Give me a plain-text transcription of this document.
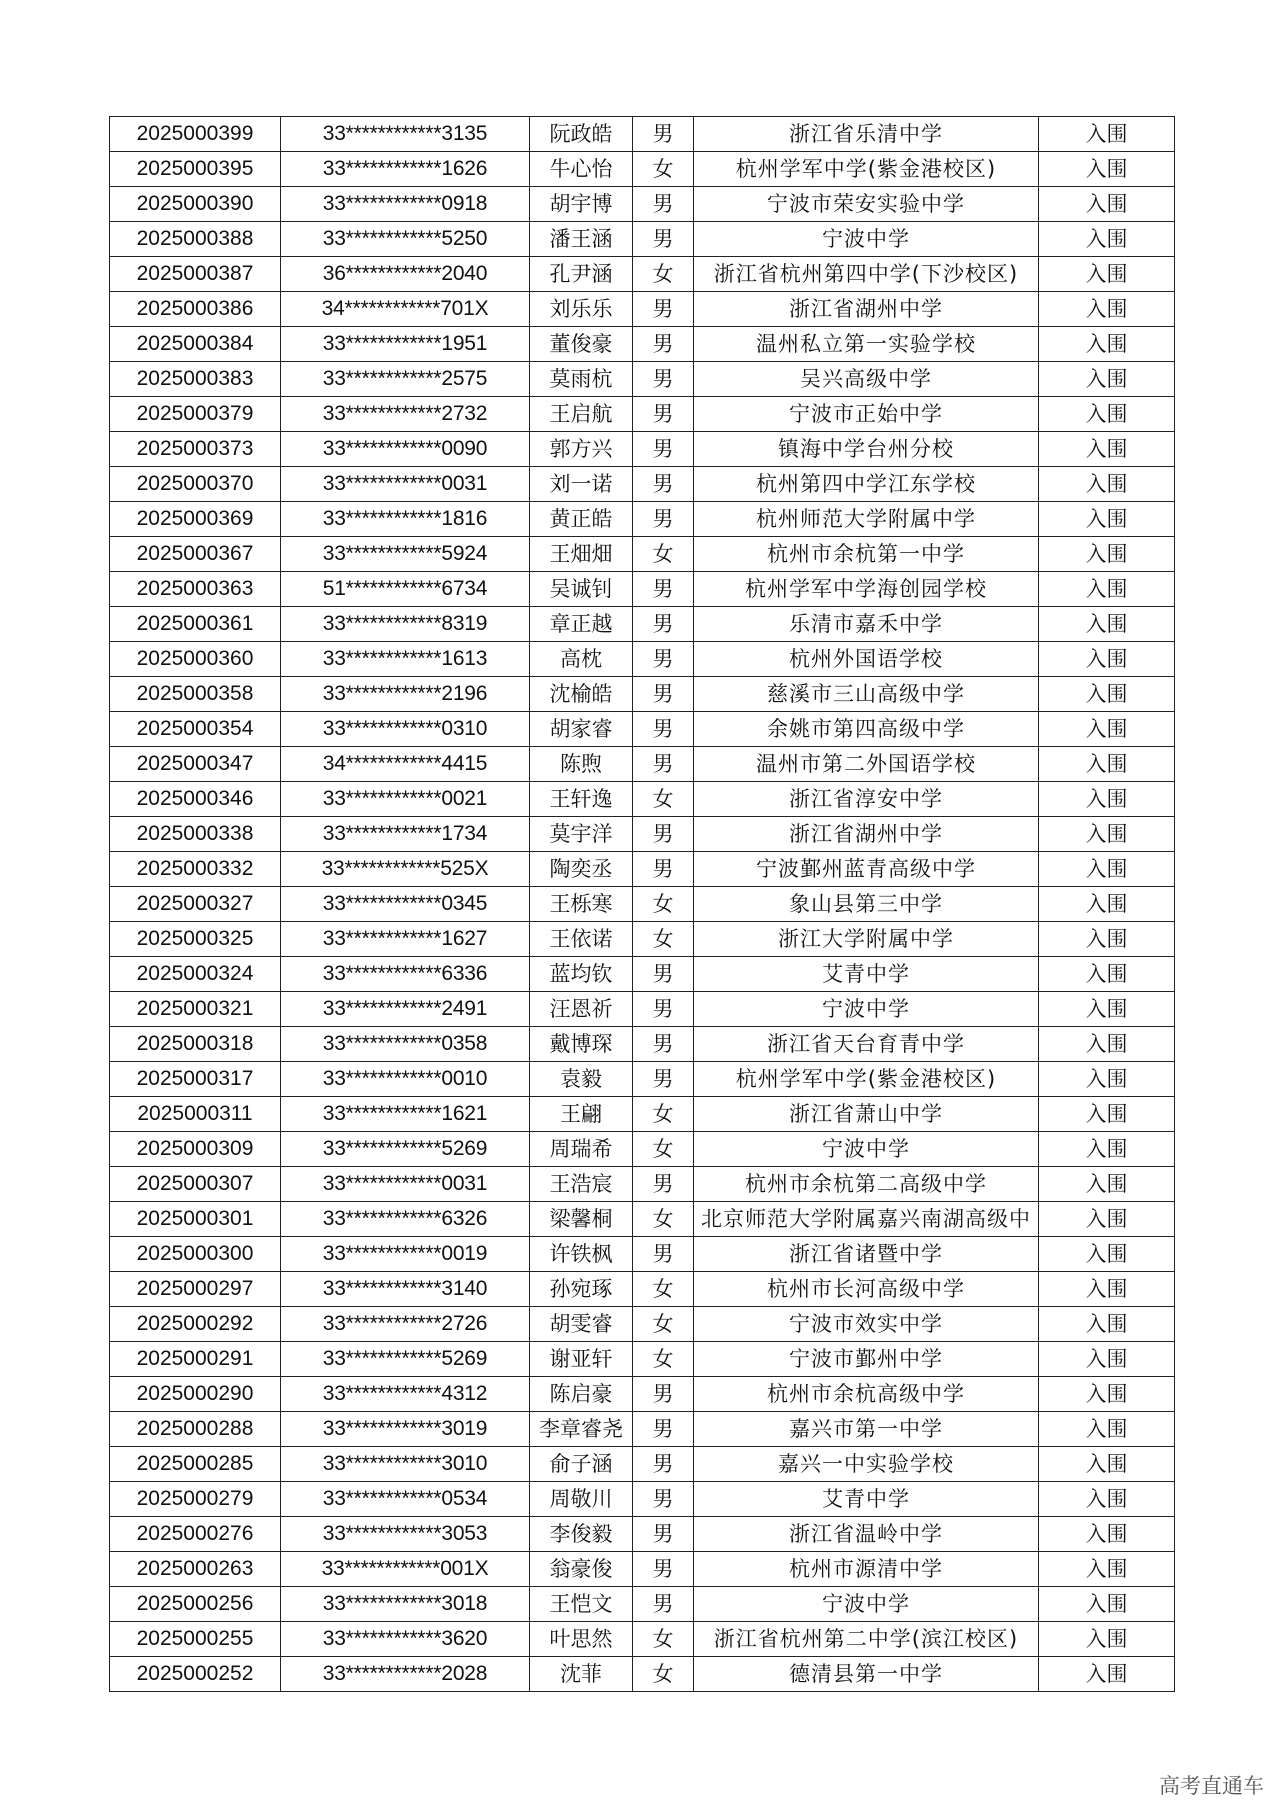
2025000399	33************3135	阮政皓	男	浙江省乐清中学	入围
2025000395	33************1626	牛心怡	女	杭州学军中学(紫金港校区)	入围
2025000390	33************0918	胡宇博	男	宁波市荣安实验中学	入围
2025000388	33************5250	潘王涵	男	宁波中学	入围
2025000387	36************2040	孔尹涵	女	浙江省杭州第四中学(下沙校区)	入围
2025000386	34************701X	刘乐乐	男	浙江省湖州中学	入围
2025000384	33************1951	董俊豪	男	温州私立第一实验学校	入围
2025000383	33************2575	莫雨杭	男	吴兴高级中学	入围
2025000379	33************2732	王启航	男	宁波市正始中学	入围
2025000373	33************0090	郭方兴	男	镇海中学台州分校	入围
2025000370	33************0031	刘一诺	男	杭州第四中学江东学校	入围
2025000369	33************1816	黄正皓	男	杭州师范大学附属中学	入围
2025000367	33************5924	王畑畑	女	杭州市余杭第一中学	入围
2025000363	51************6734	吴诚钊	男	杭州学军中学海创园学校	入围
2025000361	33************8319	章正越	男	乐清市嘉禾中学	入围
2025000360	33************1613	高枕	男	杭州外国语学校	入围
2025000358	33************2196	沈榆皓	男	慈溪市三山高级中学	入围
2025000354	33************0310	胡家睿	男	余姚市第四高级中学	入围
2025000347	34************4415	陈煦	男	温州市第二外国语学校	入围
2025000346	33************0021	王轩逸	女	浙江省淳安中学	入围
2025000338	33************1734	莫宇洋	男	浙江省湖州中学	入围
2025000332	33************525X	陶奕丞	男	宁波鄞州蓝青高级中学	入围
2025000327	33************0345	王栎寒	女	象山县第三中学	入围
2025000325	33************1627	王依诺	女	浙江大学附属中学	入围
2025000324	33************6336	蓝均钦	男	艾青中学	入围
2025000321	33************2491	汪恩祈	男	宁波中学	入围
2025000318	33************0358	戴博琛	男	浙江省天台育青中学	入围
2025000317	33************0010	袁毅	男	杭州学军中学(紫金港校区)	入围
2025000311	33************1621	王翩	女	浙江省萧山中学	入围
2025000309	33************5269	周瑞希	女	宁波中学	入围
2025000307	33************0031	王浩宸	男	杭州市余杭第二高级中学	入围
2025000301	33************6326	梁馨桐	女	北京师范大学附属嘉兴南湖高级中	入围
2025000300	33************0019	许铁枫	男	浙江省诸暨中学	入围
2025000297	33************3140	孙宛琢	女	杭州市长河高级中学	入围
2025000292	33************2726	胡雯睿	女	宁波市效实中学	入围
2025000291	33************5269	谢亚轩	女	宁波市鄞州中学	入围
2025000290	33************4312	陈启豪	男	杭州市余杭高级中学	入围
2025000288	33************3019	李章睿尧	男	嘉兴市第一中学	入围
2025000285	33************3010	俞子涵	男	嘉兴一中实验学校	入围
2025000279	33************0534	周敬川	男	艾青中学	入围
2025000276	33************3053	李俊毅	男	浙江省温岭中学	入围
2025000263	33************001X	翁豪俊	男	杭州市源清中学	入围
2025000256	33************3018	王恺文	男	宁波中学	入围
2025000255	33************3620	叶思然	女	浙江省杭州第二中学(滨江校区)	入围
2025000252	33************2028	沈菲	女	德清县第一中学	入围
高考直通车
